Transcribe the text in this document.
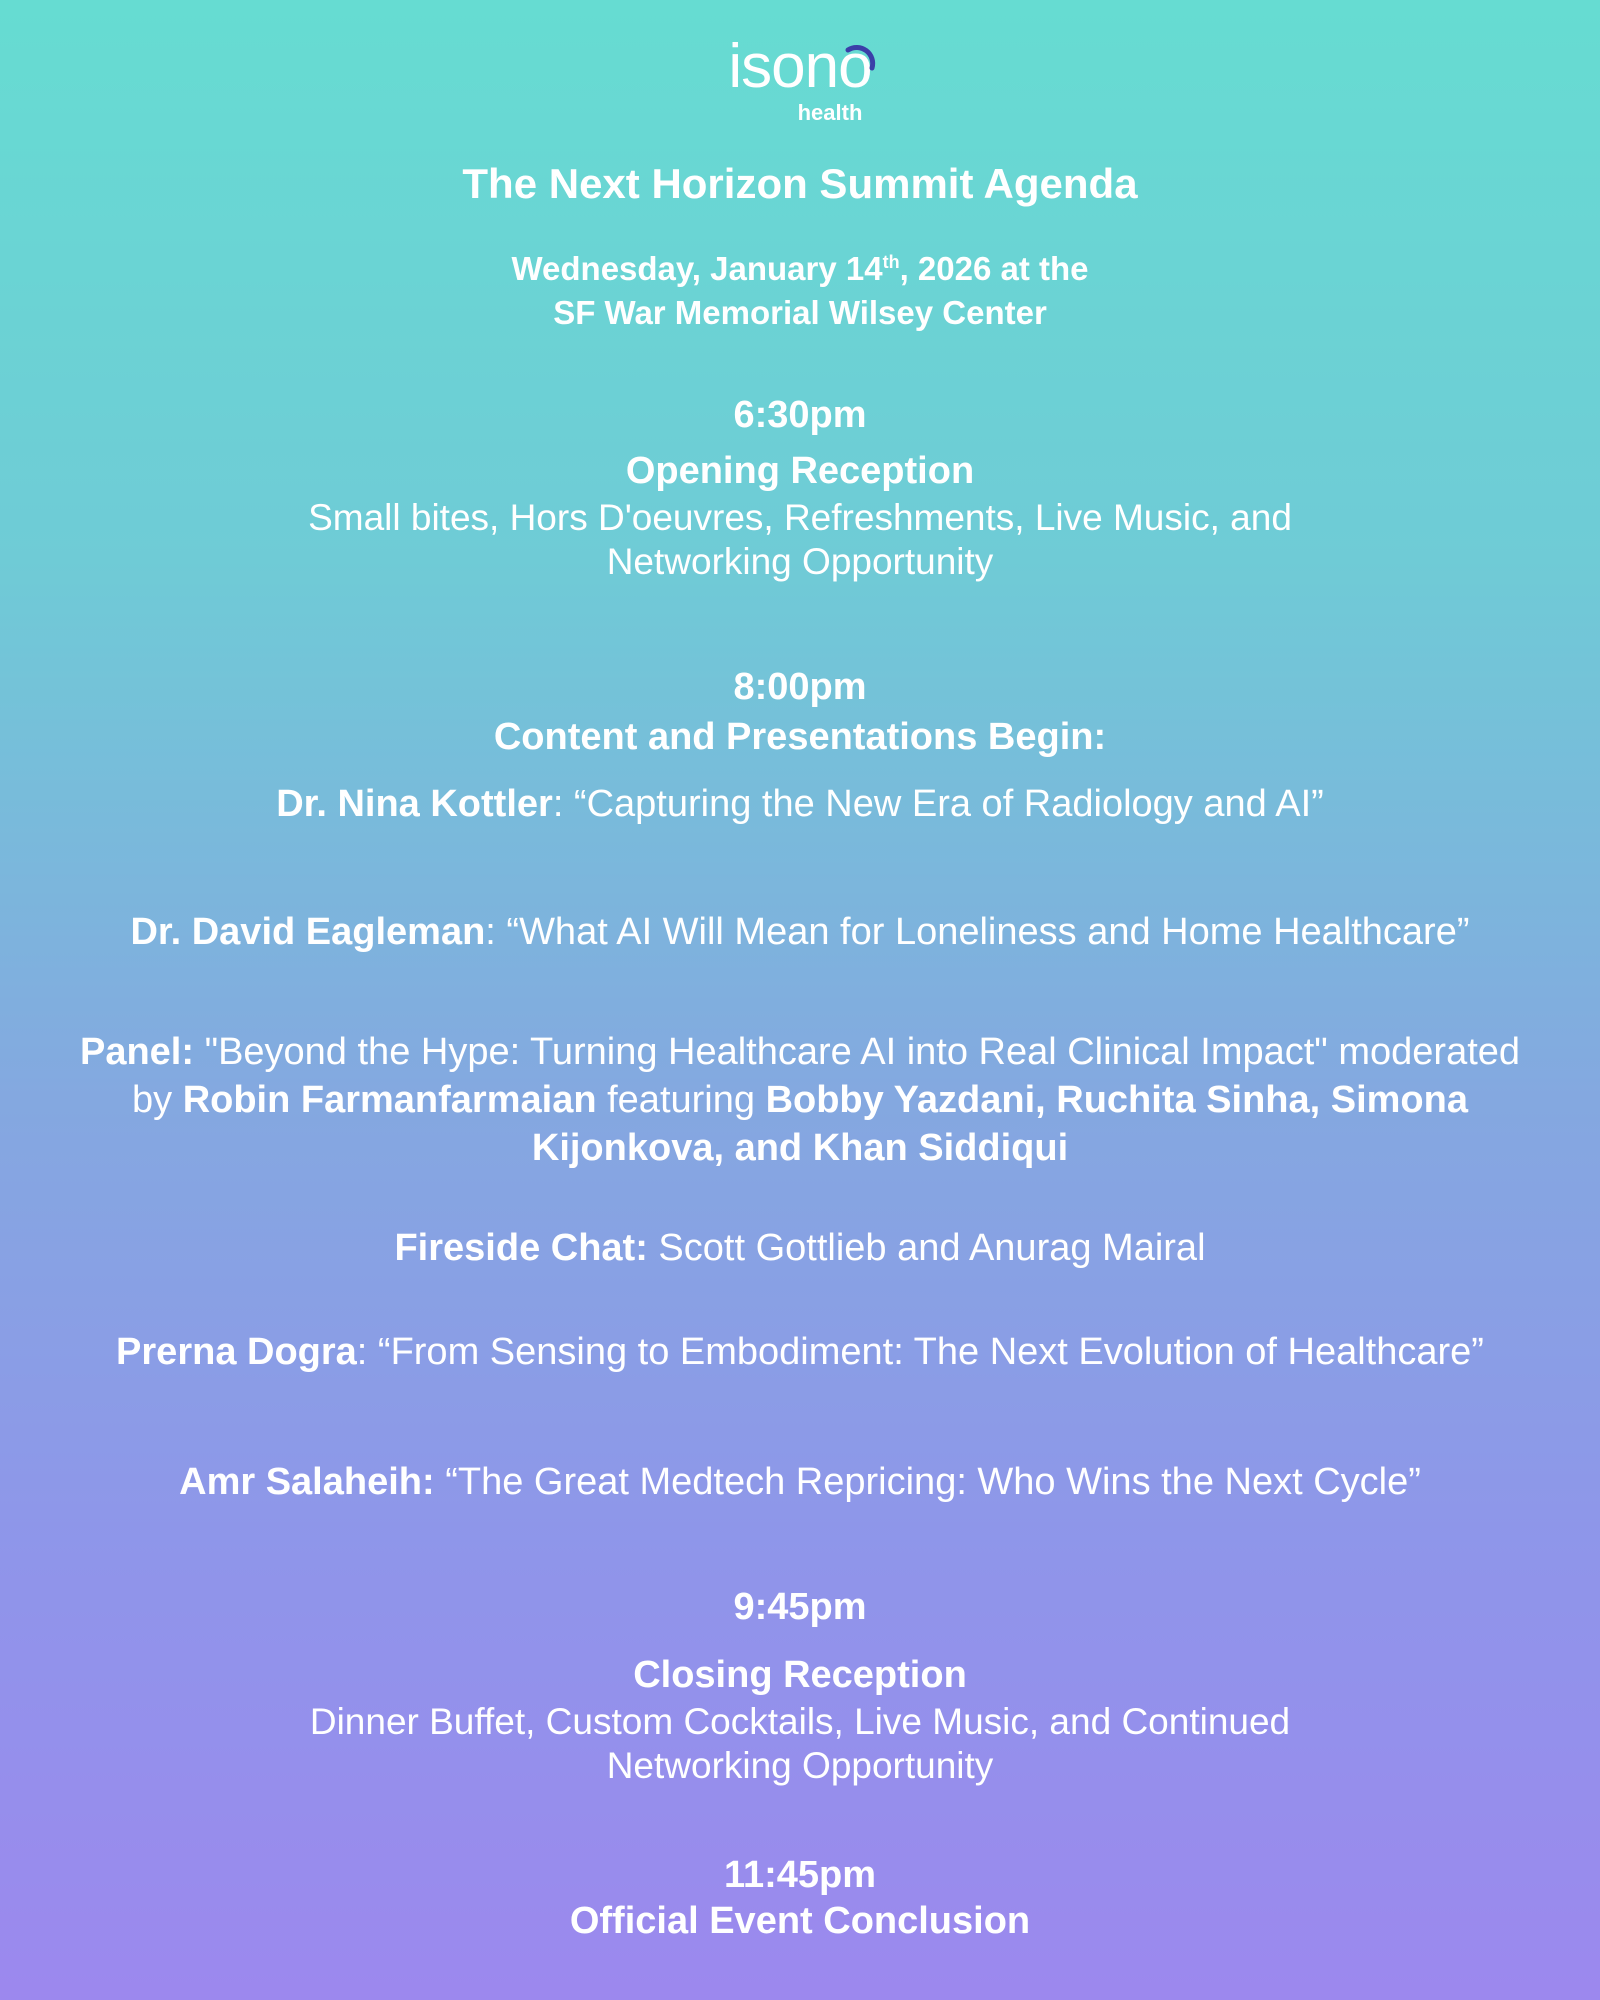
isono
health
The Next Horizon Summit Agenda
Wednesday, January 14th, 2026 at the
SF War Memorial Wilsey Center
6:30pm
Opening Reception
Small bites, Hors D'oeuvres, Refreshments, Live Music, and
Networking Opportunity
8:00pm
Content and Presentations Begin:
Dr. Nina Kottler: “Capturing the New Era of Radiology and AI”
Dr. David Eagleman: “What AI Will Mean for Loneliness and Home Healthcare”
Panel: "Beyond the Hype: Turning Healthcare AI into Real Clinical Impact" moderated
by Robin Farmanfarmaian featuring Bobby Yazdani, Ruchita Sinha, Simona
Kijonkova, and Khan Siddiqui
Fireside Chat: Scott Gottlieb and Anurag Mairal
Prerna Dogra: “From Sensing to Embodiment: The Next Evolution of Healthcare”
Amr Salaheih: “The Great Medtech Repricing: Who Wins the Next Cycle”
9:45pm
Closing Reception
Dinner Buffet, Custom Cocktails, Live Music, and Continued
Networking Opportunity
11:45pm
Official Event Conclusion
